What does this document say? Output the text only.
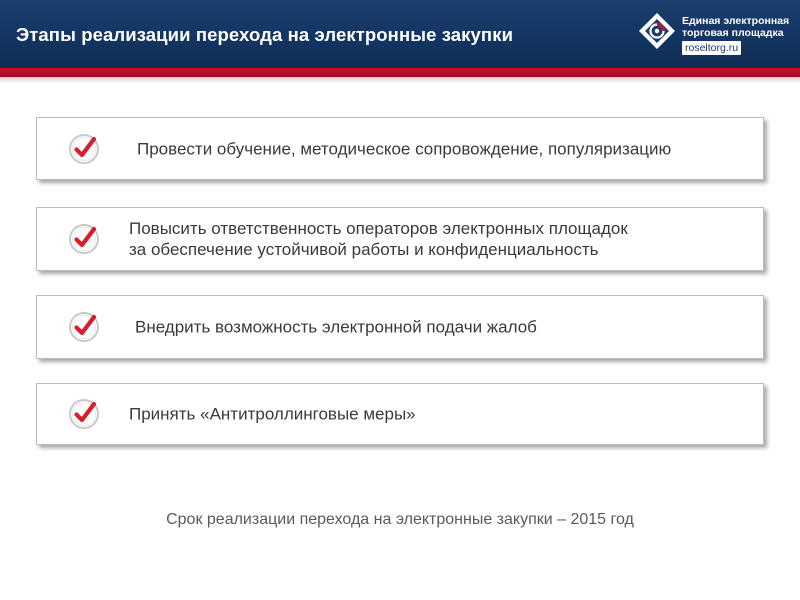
Этапы реализации перехода на электронные закупки
Единая электронная
торговая площадка
roseltorg.ru
Провести обучение, методическое сопровождение, популяризацию
Повысить ответственность операторов электронных площадок
за обеспечение устойчивой работы и конфиденциальность
Внедрить возможность электронной подачи жалоб
Принять «Антитроллинговые меры»
Срок реализации перехода на электронные закупки – 2015 год
